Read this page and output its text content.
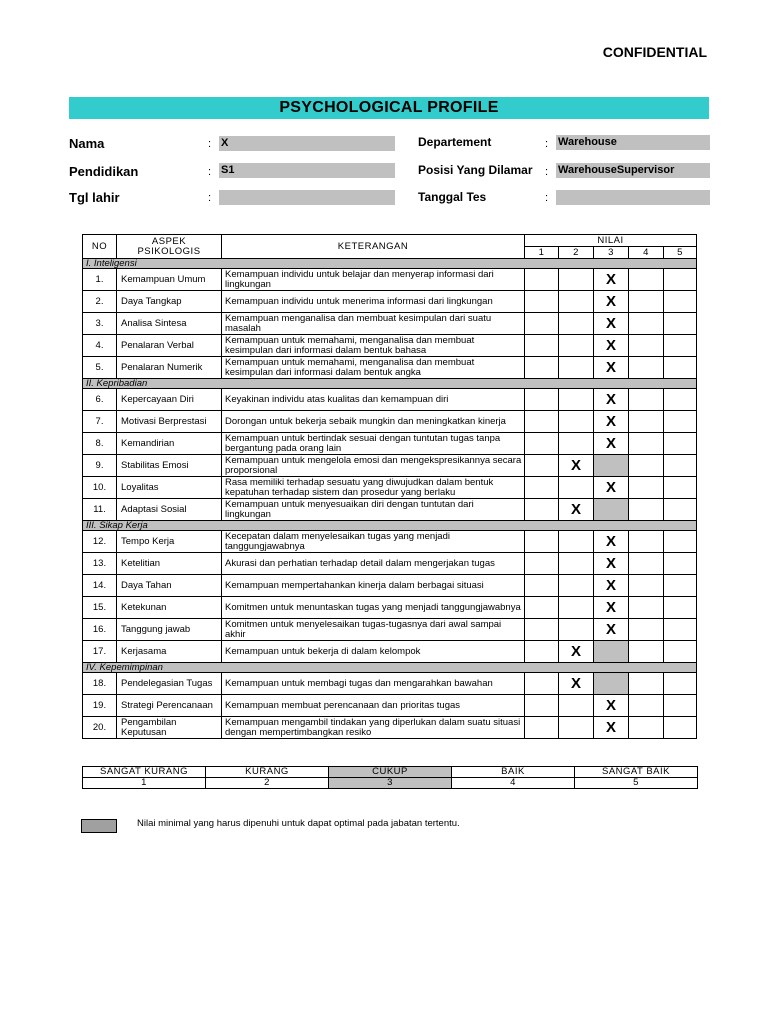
CONFIDENTIAL
PSYCHOLOGICAL PROFILE
Nama	: X
Pendidikan	: S1
Tgl lahir	:
Departement	: Warehouse
Posisi Yang Dilamar : WarehouseSupervisor
Tanggal Tes	:
NO	ASPEK PSIKOLOGIS	KETERANGAN	NILAI				
			1	2	3	4	5
I. Inteligensi							
1.	Kemampuan Umum	Kemampuan individu untuk belajar dan menyerap informasi dari lingkungan			X		
2.	Daya Tangkap	Kemampuan individu untuk menerima informasi dari lingkungan			X		
3.	Analisa Sintesa	Kemampuan menganalisa dan membuat kesimpulan dari suatu masalah			X		
4.	Penalaran Verbal	Kemampuan untuk memahami, menganalisa dan membuat kesimpulan dari informasi dalam bentuk bahasa			X		
5.	Penalaran Numerik	Kemampuan untuk memahami, menganalisa dan membuat kesimpulan dari informasi dalam bentuk angka			X		
II. Kepribadian							
6.	Kepercayaan Diri	Keyakinan individu atas kualitas dan kemampuan diri			X		
7.	Motivasi Berprestasi	Dorongan untuk bekerja sebaik mungkin dan meningkatkan kinerja			X		
8.	Kemandirian	Kemampuan untuk bertindak sesuai dengan tuntutan tugas tanpa bergantung pada orang lain			X		
9.	Stabilitas Emosi	Kemampuan untuk mengelola emosi dan mengekspresikannya secara proporsional		X			
10.	Loyalitas	Rasa memiliki terhadap sesuatu yang diwujudkan dalam bentuk kepatuhan terhadap sistem dan prosedur yang berlaku			X		
11.	Adaptasi Sosial	Kemampuan untuk menyesuaikan diri dengan tuntutan dari lingkungan		X			
III. Sikap Kerja							
12.	Tempo Kerja	Kecepatan dalam menyelesaikan tugas yang menjadi tanggungjawabnya			X		
13.	Ketelitian	Akurasi dan perhatian terhadap detail dalam mengerjakan tugas			X		
14.	Daya Tahan	Kemampuan mempertahankan kinerja dalam berbagai situasi			X		
15.	Ketekunan	Komitmen untuk menuntaskan tugas yang menjadi tanggungjawabnya			X		
16.	Tanggung jawab	Komitmen untuk menyelesaikan tugas-tugasnya dari awal sampai akhir			X		
17.	Kerjasama	Kemampuan untuk bekerja di dalam kelompok		X			
IV. Kepemimpinan							
18.	Pendelegasian Tugas	Kemampuan untuk membagi tugas dan mengarahkan bawahan		X			
19.	Strategi Perencanaan	Kemampuan membuat perencanaan dan prioritas tugas			X		
20.	Pengambilan Keputusan	Kemampuan mengambil tindakan yang diperlukan dalam suatu situasi dengan mempertimbangkan resiko			X		
SANGAT KURANG	KURANG	CUKUP	BAIK	SANGAT BAIK
1	2	3	4	5
Nilai minimal yang harus dipenuhi untuk dapat optimal pada jabatan tertentu.
